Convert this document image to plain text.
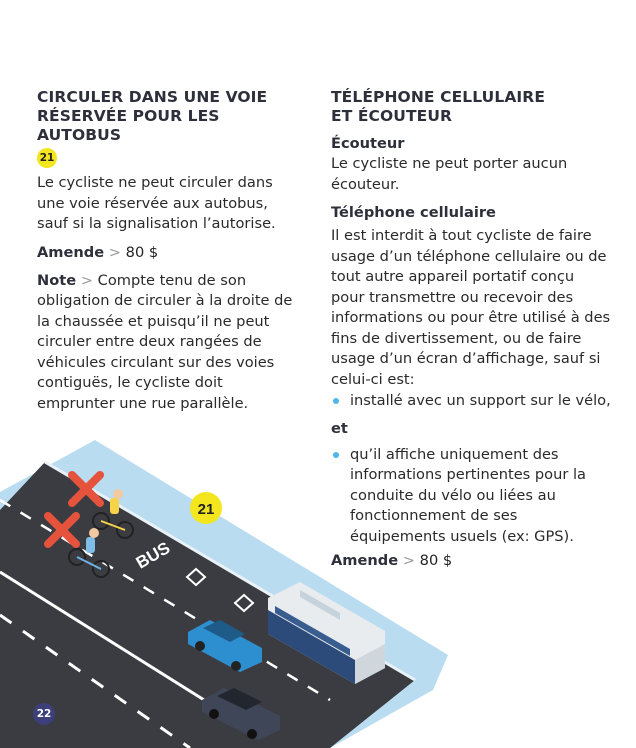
BUS
21
CIRCULER DANS UNE VOIE
RÉSERVÉE POUR LES AUTOBUS
21

Le cycliste ne peut circuler dans une voie réservée aux autobus, sauf si la signalisation l’autorise.

Amende > 80 $

Note > Compte tenu de son obligation de circuler à la droite de la chaussée et puisqu’il ne peut circuler entre deux rangées de véhicules circulant sur des voies contiguës, le cycliste doit emprunter une rue parallèle.

TÉLÉPHONE CELLULAIRE
ET ÉCOUTEUR
Écouteur

Le cycliste ne peut porter aucun écouteur.

Téléphone cellulaire

Il est interdit à tout cycliste de faire usage d’un téléphone cellulaire ou de tout autre appareil portatif conçu pour transmettre ou recevoir des informations ou pour être utilisé à des fins de divertissement, ou de faire usage d’un écran d’affichage, sauf si celui-ci est:

installé avec un support sur le vélo,

et

qu’il affiche uniquement des informations pertinentes pour la conduite du vélo ou liées au fonctionnement de ses équipements usuels (ex: GPS).

Amende > 80 $
22
